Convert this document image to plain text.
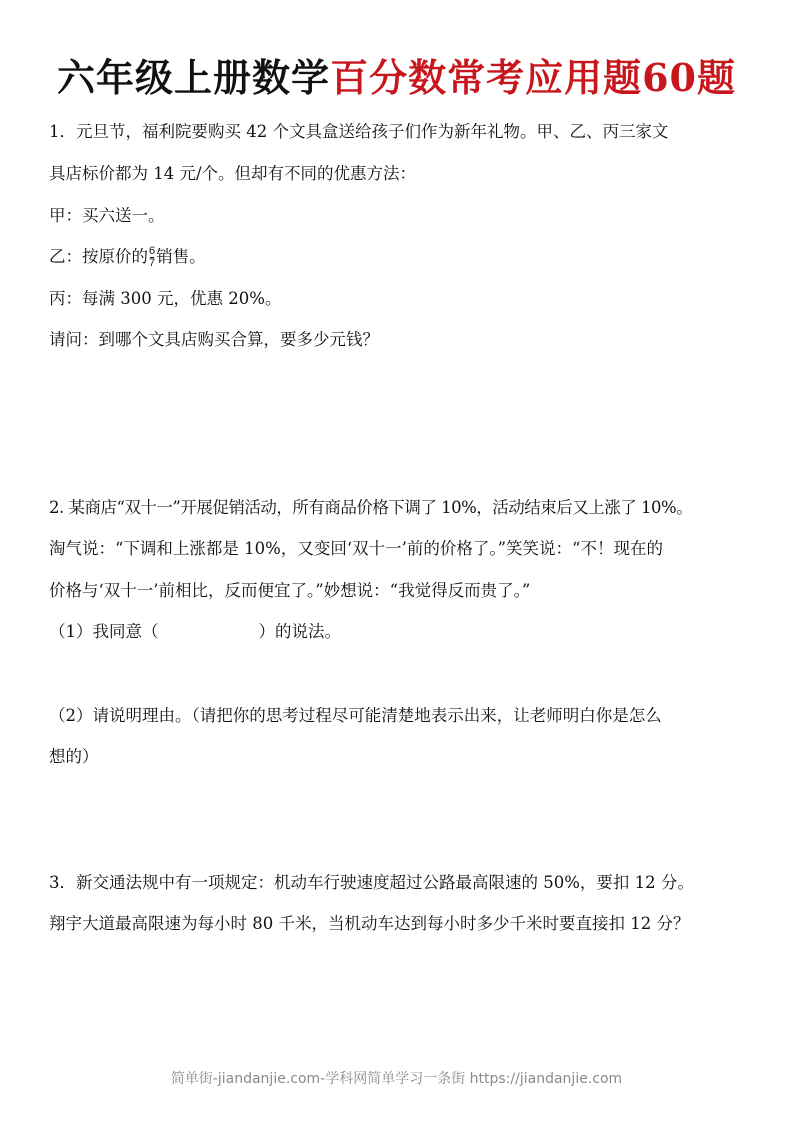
六年级上册数学百分数常考应用题60题
1．元旦节，福利院要购买 42 个文具盒送给孩子们作为新年礼物。甲、乙、丙三家文
具店标价都为 14 元/个。但却有不同的优惠方法：
甲：买六送一。
乙：按原价的 $\frac{6}{7}$ 销售。
丙：每满 300 元，优惠 20%。
请问：到哪个文具店购买合算，要多少元钱？
2. 某商店“双十一”开展促销活动，所有商品价格下调了 10%，活动结束后又上涨了 10%。
淘气说：“下调和上涨都是 10%，又变回‘双十一’前的价格了。”笑笑说：“不！现在的
价格与‘双十一’前相比，反而便宜了。”妙想说：“我觉得反而贵了。”
（1）我同意（	）的说法。
（2）请说明理由。（请把你的思考过程尽可能清楚地表示出来，让老师明白你是怎么
想的）
3．新交通法规中有一项规定：机动车行驶速度超过公路最高限速的 50%，要扣 12 分。
翔宇大道最高限速为每小时 80 千米，当机动车达到每小时多少千米时要直接扣 12 分？
简单街-jiandanjie.com-学科网简单学习一条街 https://jiandanjie.com
